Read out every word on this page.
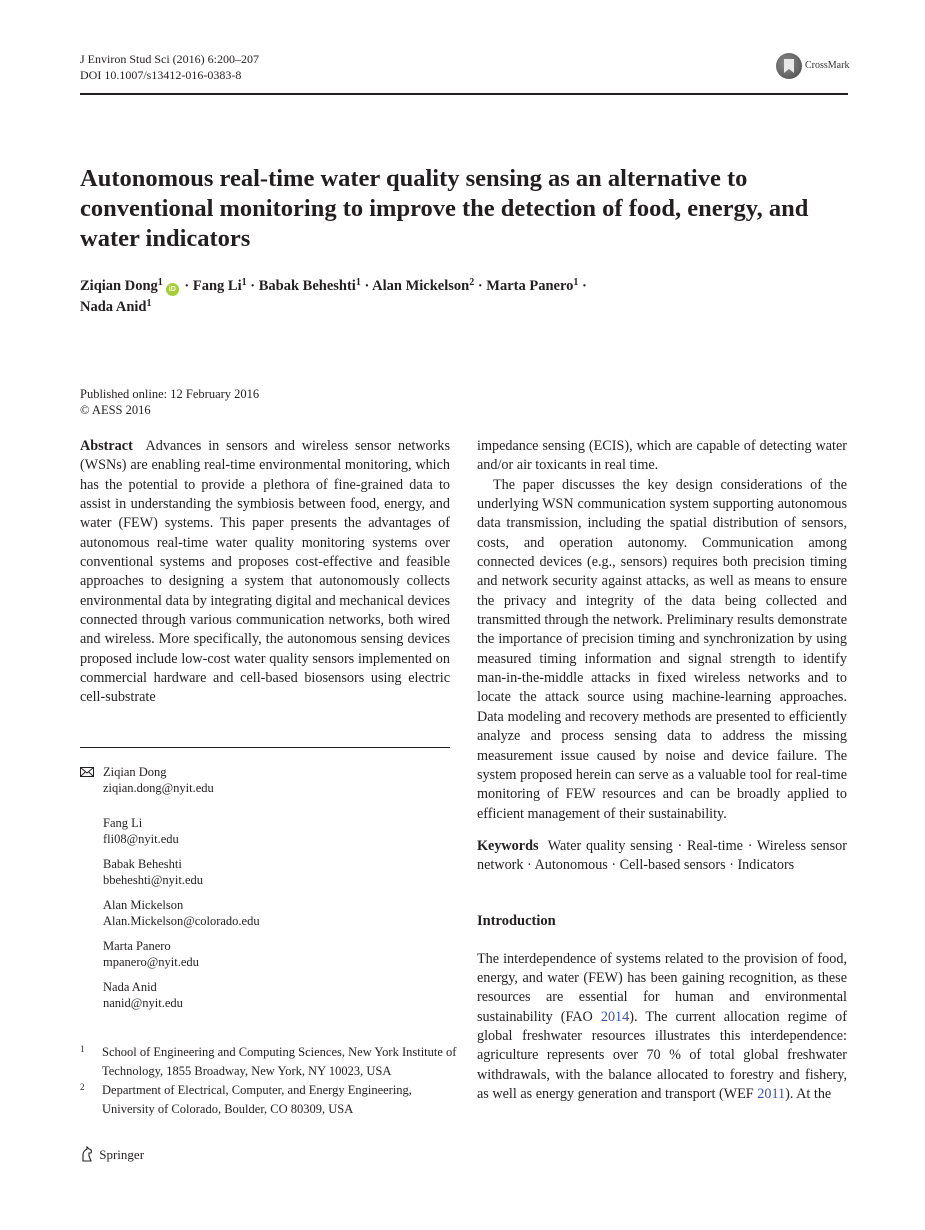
J Environ Stud Sci (2016) 6:200–207
DOI 10.1007/s13412-016-0383-8
CrossMark
Autonomous real-time water quality sensing as an alternative to conventional monitoring to improve the detection of food, energy, and water indicators
Ziqian Dong$^1$iD · Fang $Li^1$ · Babak Beheshti$^1$ · Alan Mickelson$^2$ · Marta Panero$^1$ ·
Nada Anid$^1$
Published online: 12 February 2016
© AESS 2016

Abstract Advances in sensors and wireless sensor networks (WSNs) are enabling real-time environmental monitoring, which has the potential to provide a plethora of fine-grained data to assist in understanding the symbiosis between food, energy, and water (FEW) systems. This paper presents the advantages of autonomous real-time water quality monitoring systems over conventional systems and proposes cost-effective and feasible approaches to designing a system that autonomously collects environmental data by integrating digital and mechanical devices connected through various communication networks, both wired and wireless. More specifically, the autonomous sensing devices proposed include low-cost water quality sensors implemented on commercial hardware and cell-based biosensors using electric cell-substrate

Ziqian Dong
ziqian.dong@nyit.edu
Fang Li
fli08@nyit.edu
Babak Beheshti
bbeheshti@nyit.edu
Alan Mickelson
Alan.Mickelson@colorado.edu
Marta Panero
mpanero@nyit.edu
Nada Anid
nanid@nyit.edu
1 School of Engineering and Computing Sciences, New York Institute of Technology, 1855 Broadway, New York, NY 10023, USA
2 Department of Electrical, Computer, and Energy Engineering, University of Colorado, Boulder, CO 80309, USA

impedance sensing (ECIS), which are capable of detecting water and/or air toxicants in real time.

The paper discusses the key design considerations of the underlying WSN communication system supporting autonomous data transmission, including the spatial distribution of sensors, costs, and operation autonomy. Communication among connected devices (e.g., sensors) requires both precision timing and network security against attacks, as well as means to ensure the privacy and integrity of the data being collected and transmitted through the network. Preliminary results demonstrate the importance of precision timing and synchronization by using measured timing information and signal strength to identify man-in-the-middle attacks in fixed wireless networks and to locate the attack source using machine-learning approaches. Data modeling and recovery methods are presented to efficiently analyze and process sensing data to address the missing measurement issue caused by noise and device failure. The system proposed herein can serve as a valuable tool for real-time monitoring of FEW resources and can be broadly applied to efficient management of their sustainability.

Keywords Water quality sensing · Real-time · Wireless sensor network · Autonomous · Cell-based sensors · Indicators

Introduction

The interdependence of systems related to the provision of food, energy, and water (FEW) has been gaining recognition, as these resources are essential for human and environmental sustainability (FAO 2014). The current allocation regime of global freshwater resources illustrates this interdependence: agriculture represents over 70 % of total global freshwater withdrawals, with the balance allocated to forestry and fishery, as well as energy generation and transport (WEF 2011). At the

Springer
